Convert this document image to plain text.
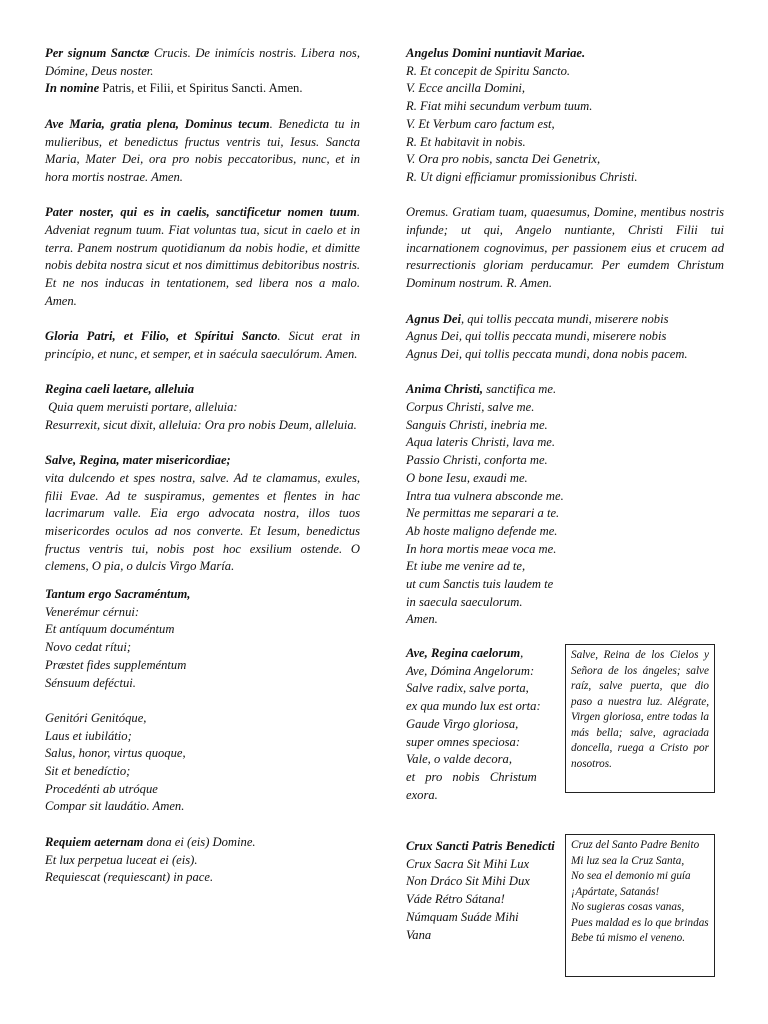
Per signum Sanctæ Crucis. De inimícis nostris. Libera nos, Dómine, Deus noster.
In nomine Patris, et Filii, et Spiritus Sancti. Amen.

Ave Maria, gratia plena, Dominus tecum. Benedicta tu in mulieribus, et benedictus fructus ventris tui, Iesus. Sancta Maria, Mater Dei, ora pro nobis peccatoribus, nunc, et in hora mortis nostrae. Amen.

Pater noster, qui es in caelis, sanctificetur nomen tuum. Adveniat regnum tuum. Fiat voluntas tua, sicut in caelo et in terra. Panem nostrum quotidianum da nobis hodie, et dimitte nobis debita nostra sicut et nos dimittimus debitoribus nostris. Et ne nos inducas in tentationem, sed libera nos a malo. Amen.

Gloria Patri, et Filio, et Spíritui Sancto. Sicut erat in princípio, et nunc, et semper, et in saécula saeculórum. Amen.

Regina caeli laetare, alleluia
Quia quem meruisti portare, alleluia:

Resurrexit, sicut dixit, alleluia: Ora pro nobis Deum, alleluia.

Salve, Regina, mater misericordiae;

vita dulcendo et spes nostra, salve. Ad te clamamus, exules, filii Evae. Ad te suspiramus, gementes et flentes in hac lacrimarum valle. Eia ergo advocata nostra, illos tuos misericordes oculos ad nos converte. Et Iesum, benedictus fructus ventris tui, nobis post hoc exsilium ostende. O clemens, O pia, o dulcis Virgo María.

Tantum ergo Sacraméntum,
Venerémur cérnui:
Et antíquum documéntum
Novo cedat rítui;
Præstet fides suppleméntum
Sénsuum deféctui.
Genitóri Genitóque,
Laus et iubilátio;
Salus, honor, virtus quoque,
Sit et benedíctio;
Procedénti ab utróque
Compar sit laudátio. Amen.
Requiem aeternam dona ei (eis) Domine.
Et lux perpetua luceat ei (eis).
Requiescat (requiescant) in pace.
Angelus Domini nuntiavit Mariae.
R. Et concepit de Spiritu Sancto.
V. Ecce ancilla Domini,
R. Fiat mihi secundum verbum tuum.
V. Et Verbum caro factum est,
R. Et habitavit in nobis.
V. Ora pro nobis, sancta Dei Genetrix,
R. Ut digni efficiamur promissionibus Christi.

Oremus. Gratiam tuam, quaesumus, Domine, mentibus nostris infunde; ut qui, Angelo nuntiante, Christi Filii tui incarnationem cognovimus, per passionem eius et crucem ad resurrectionis gloriam perducamur. Per eumdem Christum Dominum nostrum. R. Amen.

Agnus Dei, qui tollis peccata mundi, miserere nobis
Agnus Dei, qui tollis peccata mundi, miserere nobis
Agnus Dei, qui tollis peccata mundi, dona nobis pacem.
Anima Christi, sanctifica me.
Corpus Christi, salve me.
Sanguis Christi, inebria me.
Aqua lateris Christi, lava me.
Passio Christi, conforta me.
O bone Iesu, exaudi me.
Intra tua vulnera absconde me.
Ne permittas me separari a te.
Ab hoste maligno defende me.
In hora mortis meae voca me.
Et iube me venire ad te,
ut cum Sanctis tuis laudem te
in saecula saeculorum.
Amen.
Ave, Regina caelorum,
Ave, Dómina Angelorum:
Salve radix, salve porta,
ex qua mundo lux est orta:
Gaude Virgo gloriosa,
super omnes speciosa:
Vale, o valde decora,
et pro nobis Christum
exora.
Salve, Reina de los Cielos y Señora de los ángeles; salve raíz, salve puerta, que dio paso a nuestra luz. Alégrate, Virgen gloriosa, entre todas la más bella; salve, agraciada doncella, ruega a Cristo por nosotros.
Crux Sancti Patris Benedicti
Crux Sacra Sit Mihi Lux
Non Dráco Sit Mihi Dux
Váde Rétro Sátana!
Númquam Suáde Mihi
Vana
Cruz del Santo Padre Benito
Mi luz sea la Cruz Santa,
No sea el demonio mi guía
¡Apártate, Satanás!
No sugieras cosas vanas,
Pues maldad es lo que brindas
Bebe tú mismo el veneno.
